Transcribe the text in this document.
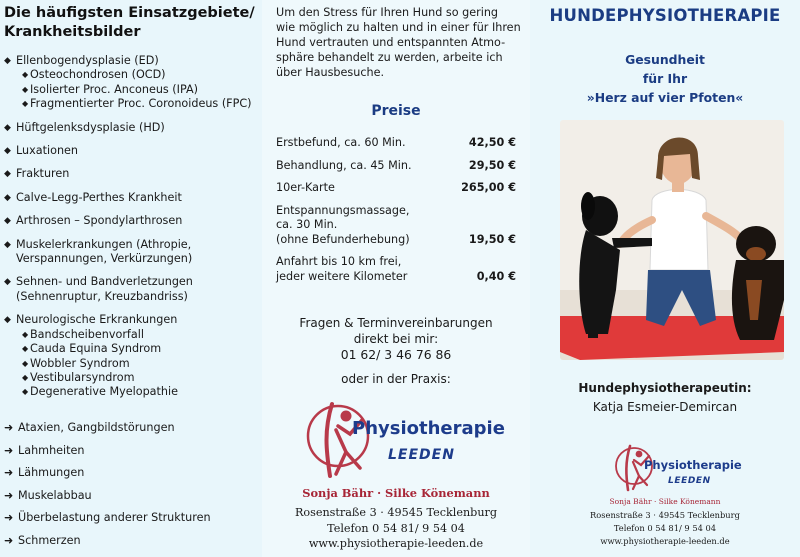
Die häufigsten Einsatzgebiete/
Krankheitsbilder
◆ Ellenbogendysplasie (ED)
◆ Osteochondrosen (OCD)
◆ Isolierter Proc. Anconeus (IPA)
◆ Fragmentierter Proc. Coronoideus (FPC)
◆ Hüftgelenksdysplasie (HD)
◆ Luxationen
◆ Frakturen
◆ Calve-Legg-Perthes Krankheit
◆ Arthrosen – Spondylarthrosen
◆ Muskelerkrankungen (Athropie,
Verspannungen, Verkürzungen)
◆ Sehnen- und Bandverletzungen
(Sehnenruptur, Kreuzbandriss)
◆ Neurologische Erkrankungen
◆ Bandscheibenvorfall
◆ Cauda Equina Syndrom
◆ Wobbler Syndrom
◆ Vestibularsyndrom
◆ Degenerative Myelopathie
➜ Ataxien, Gangbildstörungen
➜ Lahmheiten
➜ Lähmungen
➜ Muskelabbau
➜ Überbelastung anderer Strukturen
➜ Schmerzen
Um den Stress für Ihren Hund so gering
wie möglich zu halten und in einer für Ihren
Hund vertrauten und entspannten Atmo-
sphäre behandelt zu werden, arbeite ich
über Hausbesuche.
Preise
Erstbefund, ca. 60 Min.	42,50 €
Behandlung, ca. 45 Min.	29,50 €
10er-Karte	265,00 €
Entspannungsmassage,
ca. 30 Min.
(ohne Befunderhebung)	19,50 €
Anfahrt bis 10 km frei,
jeder weitere Kilometer	0,40 €
Fragen & Terminvereinbarungen
direkt bei mir:
01 62/ 3 46 76 86
oder in der Praxis:
Physiotherapie
LEEDEN
Sonja Bähr · Silke Könemann
Rosenstraße 3 · 49545 Tecklenburg
Telefon 0 54 81/ 9 54 04
www.physiotherapie-leeden.de
HUNDEPHYSIOTHERAPIE
Gesundheit
für Ihr
»Herz auf vier Pfoten«
Hundephysiotherapeutin:
Katja Esmeier-Demircan
Physiotherapie
LEEDEN
Sonja Bähr · Silke Könemann
Rosenstraße 3 · 49545 Tecklenburg
Telefon 0 54 81/ 9 54 04
www.physiotherapie-leeden.de
